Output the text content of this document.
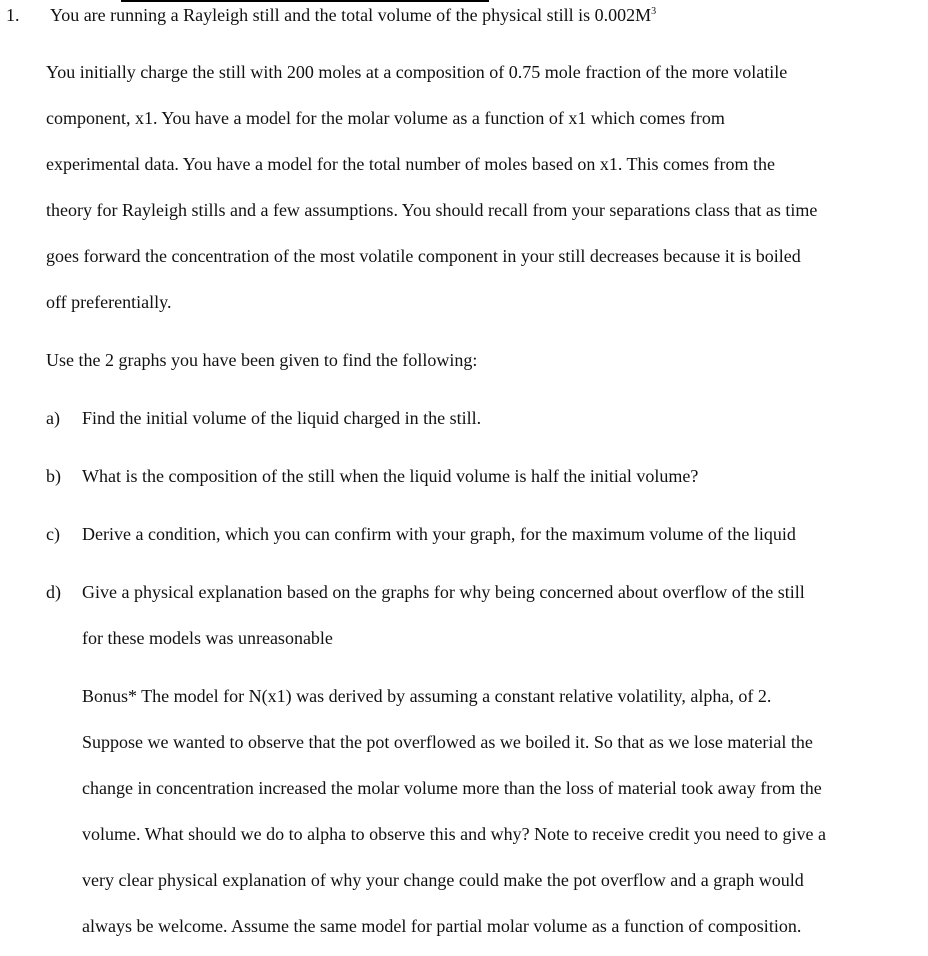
1. You are running a Rayleigh still and the total volume of the physical still is $0.002M^3$
You initially charge the still with 200 moles at a composition of 0.75 mole fraction of the more volatile
component, x1. You have a model for the molar volume as a function of x1 which comes from
experimental data. You have a model for the total number of moles based on x1. This comes from the
theory for Rayleigh stills and a few assumptions. You should recall from your separations class that as time
goes forward the concentration of the most volatile component in your still decreases because it is boiled
off preferentially.
Use the 2 graphs you have been given to find the following:
a) Find the initial volume of the liquid charged in the still.
b) What is the composition of the still when the liquid volume is half the initial volume?
c) Derive a condition, which you can confirm with your graph, for the maximum volume of the liquid
d) Give a physical explanation based on the graphs for why being concerned about overflow of the still
for these models was unreasonable
Bonus* The model for N(x1) was derived by assuming a constant relative volatility, alpha, of 2.
Suppose we wanted to observe that the pot overflowed as we boiled it. So that as we lose material the
change in concentration increased the molar volume more than the loss of material took away from the
volume. What should we do to alpha to observe this and why? Note to receive credit you need to give a
very clear physical explanation of why your change could make the pot overflow and a graph would
always be welcome. Assume the same model for partial molar volume as a function of composition.
